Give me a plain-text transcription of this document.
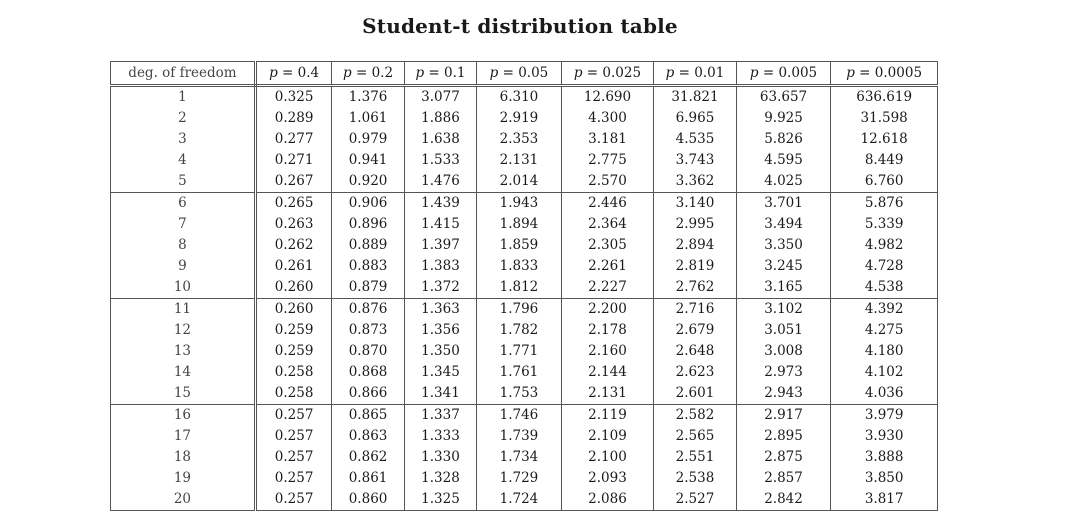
Student-t distribution table
deg. of freedom	p = 0.4	p = 0.2	p = 0.1	p = 0.05	p = 0.025	p = 0.01	p = 0.005	p = 0.0005
1	0.325	1.376	3.077	6.310	12.690	31.821	63.657	636.619
2	0.289	1.061	1.886	2.919	4.300	6.965	9.925	31.598
3	0.277	0.979	1.638	2.353	3.181	4.535	5.826	12.618
4	0.271	0.941	1.533	2.131	2.775	3.743	4.595	8.449
5	0.267	0.920	1.476	2.014	2.570	3.362	4.025	6.760
6	0.265	0.906	1.439	1.943	2.446	3.140	3.701	5.876
7	0.263	0.896	1.415	1.894	2.364	2.995	3.494	5.339
8	0.262	0.889	1.397	1.859	2.305	2.894	3.350	4.982
9	0.261	0.883	1.383	1.833	2.261	2.819	3.245	4.728
10	0.260	0.879	1.372	1.812	2.227	2.762	3.165	4.538
11	0.260	0.876	1.363	1.796	2.200	2.716	3.102	4.392
12	0.259	0.873	1.356	1.782	2.178	2.679	3.051	4.275
13	0.259	0.870	1.350	1.771	2.160	2.648	3.008	4.180
14	0.258	0.868	1.345	1.761	2.144	2.623	2.973	4.102
15	0.258	0.866	1.341	1.753	2.131	2.601	2.943	4.036
16	0.257	0.865	1.337	1.746	2.119	2.582	2.917	3.979
17	0.257	0.863	1.333	1.739	2.109	2.565	2.895	3.930
18	0.257	0.862	1.330	1.734	2.100	2.551	2.875	3.888
19	0.257	0.861	1.328	1.729	2.093	2.538	2.857	3.850
20	0.257	0.860	1.325	1.724	2.086	2.527	2.842	3.817
